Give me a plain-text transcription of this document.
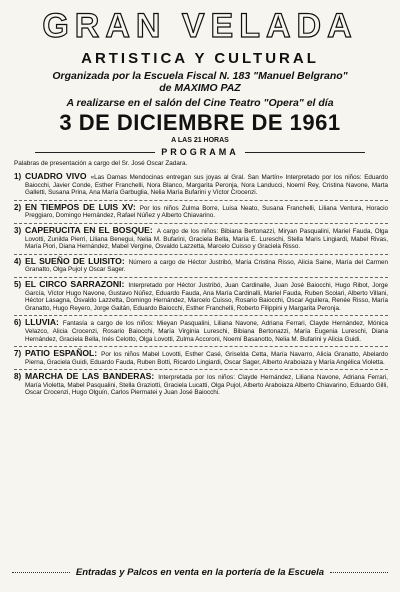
GRAN VELADA
ARTISTICA Y CULTURAL
Organizada por la Escuela Fiscal N. 183 "Manuel Belgrano"
de MAXIMO PAZ
A realizarse en el salón del Cine Teatro "Opera" el día
3 DE DICIEMBRE DE 1961
A LAS 21 HORAS
PROGRAMA
Palabras de presentación a cargo del Sr. José Oscar Zadara.
1) CUADRO VIVO «Las Damas Mendocinas entregan sus joyas al Gral. San Martín» Interpretado por los niños: Eduardo Baiocchi, Javier Conde, Esther Franchelli, Nora Blanco, Margarita Peronja, Nora Landucci, Noemí Rey, Cristina Navone, Marta Galletti, Susana Prina, Ana María Garbuglia, Nelia María Bufarini y Víctor Crocenzi.
2) EN TIEMPOS DE LUIS XV: Por los niños Zulma Borre, Luisa Neato, Susana Franchelli, Liliana Ventura, Horacio Preggiaro, Domingo Hernández, Rafael Núñez y Alberto Chiavarino.
3) CAPERUCITA EN EL BOSQUE: A cargo de los niños: Bibiana Bertonazzi, Miryan Pasqualini, Mariel Fauda, Olga Lovotti, Zunilda Pierri, Liliana Benegui, Nelia M. Bufarini, Graciela Bella, María E. Lureschi, Stella Maris Lingiardi, Mabel Rivas, María Piori, Diana Hernández, Mabel Vergine, Osvaldo Lazzetta, Marcelo Cuisso y Graciela Risso.
4) EL SUEÑO DE LUISITO: Número a cargo de Héctor Justribó, María Cristina Risso, Alicia Saine, María del Carmen Granatto, Olga Pujol y Oscar Sager.
5) EL CIRCO SARRAZONI: Interpretado por Héctor Justribó, Juan Cardinalle, Juan José Baiocchi, Hugo Ribot, Jorge García, Víctor Hugo Navone, Gustavo Núñez, Eduardo Fauda, Ana María Cardinalli, Mariel Fauda, Ruben Scolari, Alberto Villani, Héctor Lasagna, Osvaldo Lazzetta, Domingo Hernández, Marcelo Cuisso, Rosario Baiocchi, Oscar Aguilera, Renée Risso, María Granatto, Hugo Reyero, Jorge Gaitán, Eduardo Baiocchi, Esther Franchelli, Roberto Filippini y Margarita Peronja.
6) LLUVIA: Fantasía a cargo de los niños: Mieyan Pasqualini, Liliana Navone, Adriana Ferrari, Clayde Hernández, Mónica Velazco, Alicia Crocenzi, Rosario Baiocchi, María Virginia Lureschi, Bibiana Bertonazzi, María Eugenia Lureschi, Diana Hernández, Graciela Bella, Inés Celotto, Olga Lovotti, Zulma Accoroni, Noemí Basanotto, Nelia M. Bufarini y Alicia Guidi.
7) PATIO ESPAÑOL: Por los niños Mabel Lovotti, Esther Casé, Griselda Cetta, María Navarro, Alicia Granatto, Abelardo Pierna, Graciela Guidi, Eduardo Fauda, Ruben Botti, Ricardo Lingiardi, Oscar Sager, Alberto Araboiaza y María Angélica Violetta.
8) MARCHA DE LAS BANDERAS: Interpretada por los niños: Clayde Hernández, Liliana Navone, Adriana Ferrari, María Violetta, Mabel Pasqualini, Stella Graziotti, Graciela Lucatti, Olga Pujol, Alberto Araboiaza Alberto Chiavarino, Eduardo Gilli, Oscar Crocenzi, Hugo Olguín, Carlos Piermatei y Juan José Baiocchi.
Entradas y Palcos en venta en la portería de la Escuela
